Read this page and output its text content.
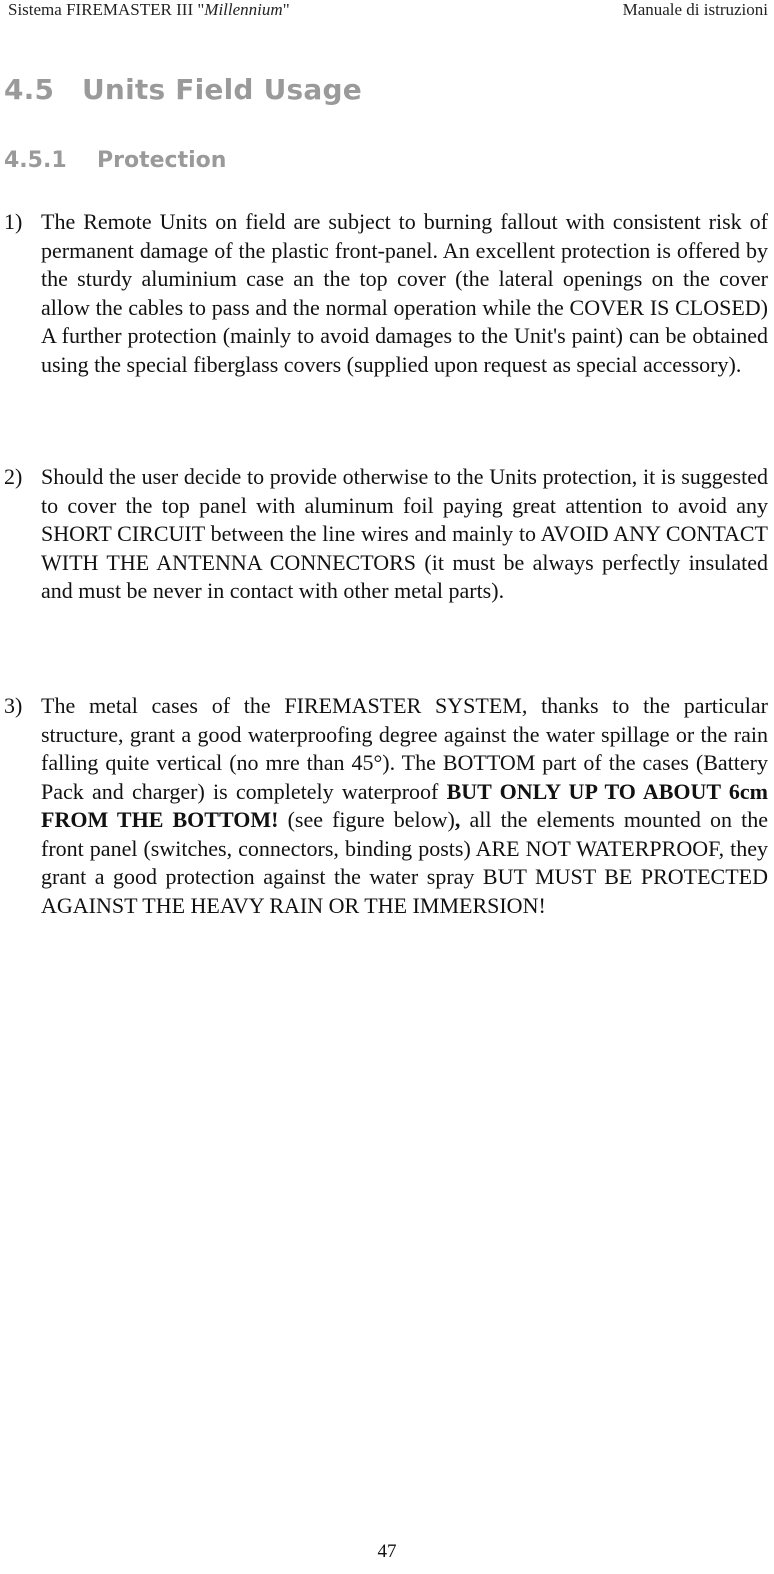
Sistema FIREMASTER III "Millennium"	Manuale di istruzioni
4.5 Units Field Usage
4.5.1 Protection
1) The Remote Units on field are subject to burning fallout with consistent risk of permanent damage of the plastic front-panel. An excellent protection is offered by the sturdy aluminium case an the top cover (the lateral openings on the cover allow the cables to pass and the normal operation while the COVER IS CLOSED) A further protection (mainly to avoid damages to the Unit's paint) can be obtained using the special fiberglass covers (supplied upon request as special accessory).
2) Should the user decide to provide otherwise to the Units protection, it is suggested to cover the top panel with aluminum foil paying great attention to avoid any SHORT CIRCUIT between the line wires and mainly to AVOID ANY CONTACT WITH THE ANTENNA CONNECTORS (it must be always perfectly insulated and must be never in contact with other metal parts).
3) The metal cases of the FIREMASTER SYSTEM, thanks to the particular structure, grant a good waterproofing degree against the water spillage or the rain falling quite vertical (no mre than 45°). The BOTTOM part of the cases (Battery Pack and charger) is completely waterproof BUT ONLY UP TO ABOUT 6cm FROM THE BOTTOM! (see figure below), all the elements mounted on the front panel (switches, connectors, binding posts) ARE NOT WATERPROOF, they grant a good protection against the water spray BUT MUST BE PROTECTED AGAINST THE HEAVY RAIN OR THE IMMERSION!
47
